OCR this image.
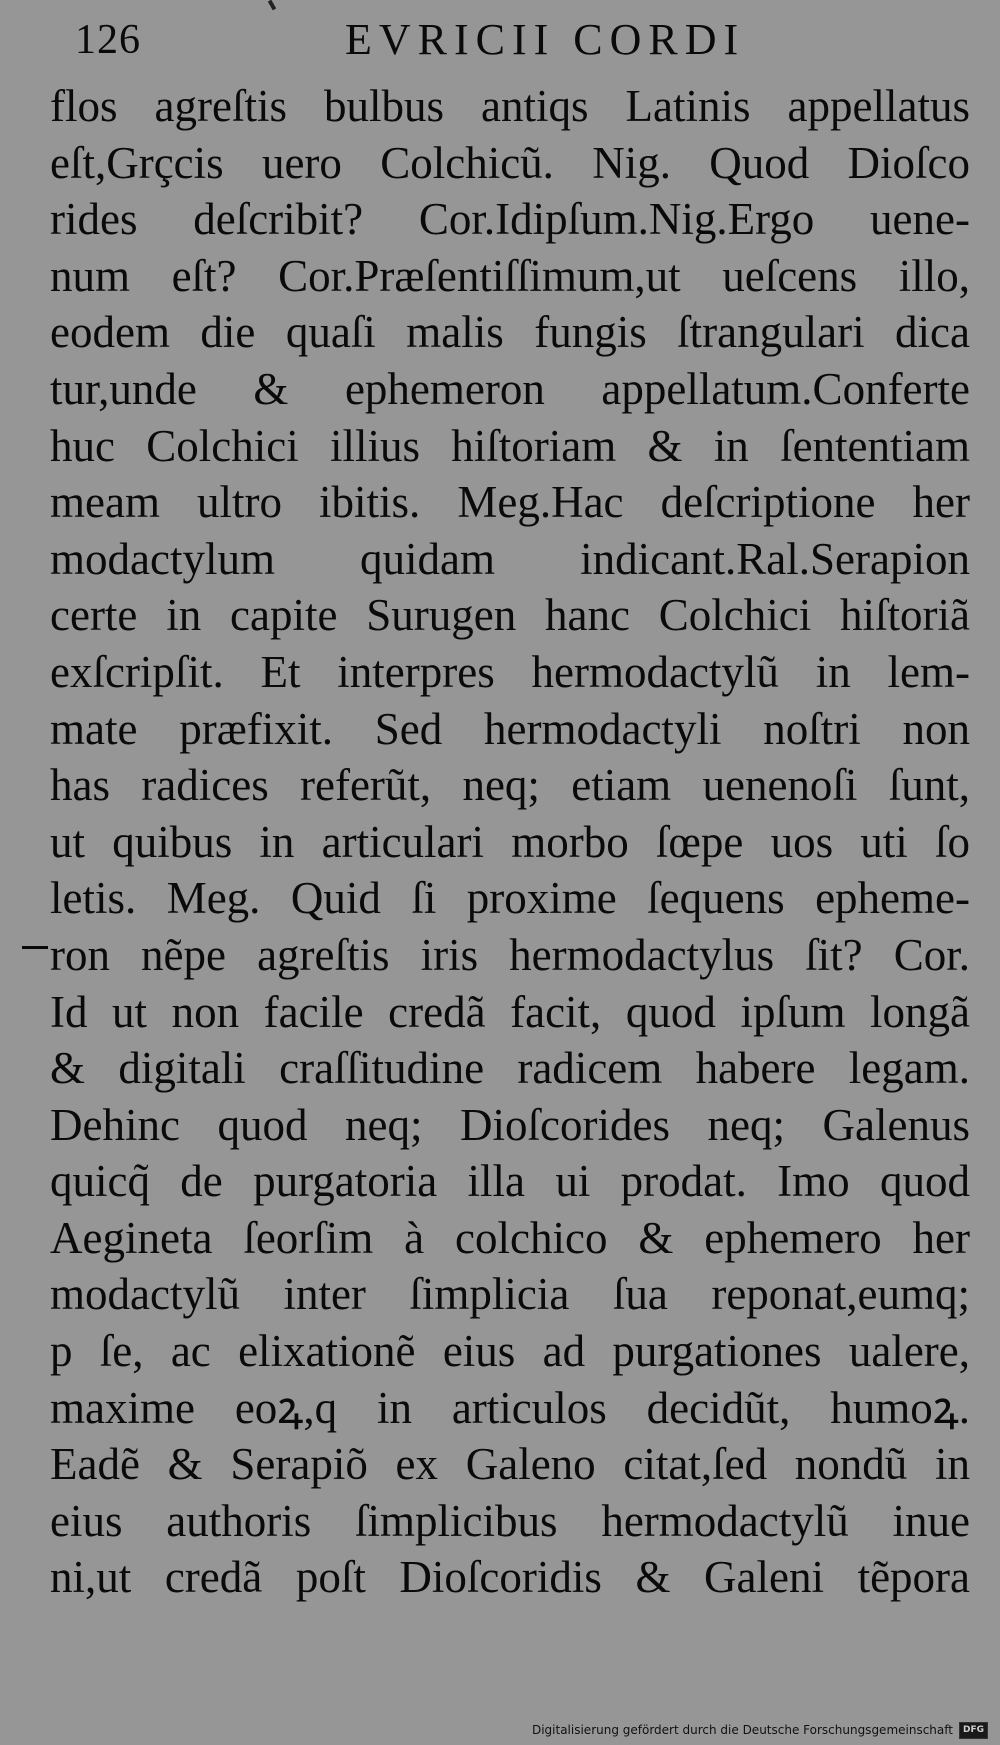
126	EVRICII CORDI
flos agreſtis bulbus antiqs Latinis appellatus
eſt,Grçcis uero Colchicũ. Nig. Quod Dioſco
rides deſcribit? Cor.Idipſum.Nig.Ergo uene-
num eſt? Cor.Præſentiſſimum,ut ueſcens illo,
eodem die quaſi malis fungis ſtrangulari dica
tur,unde & ephemeron appellatum.Conferte
huc Colchici illius hiſtoriam & in ſententiam
meam ultro ibitis. Meg.Hac deſcriptione her
modactylum quidam indicant.Ral.Serapion
certe in capite Surugen hanc Colchici hiſtoriã
exſcripſit. Et interpres hermodactylũ in lem-
mate præfixit. Sed hermodactyli noſtri non
has radices referũt, neq; etiam uenenoſi ſunt,
ut quibus in articulari morbo ſœpe uos uti ſo
letis. Meg. Quid ſi proxime ſequens epheme-
ron nẽpe agreſtis iris hermodactylus ſit? Cor.
Id ut non facile credã facit, quod ipſum longã
& digitali craſſitudine radicem habere legam.
Dehinc quod neq; Dioſcorides neq; Galenus
quicq̃ de purgatoria illa ui prodat. Imo quod
Aegineta ſeorſim à colchico & ephemero her
modactylũ inter ſimplicia ſua reponat,eumq;
p ſe, ac elixationẽ eius ad purgationes ualere,
maxime eoꝝ,q in articulos decidũt, humoꝝ.
Eadẽ & Serapiõ ex Galeno citat,ſed nondũ in
eius authoris ſimplicibus hermodactylũ inue
ni,ut credã poſt Dioſcoridis & Galeni tẽpora
Digitalisierung gefördert durch die Deutsche Forschungsgemeinschaft	DFG
